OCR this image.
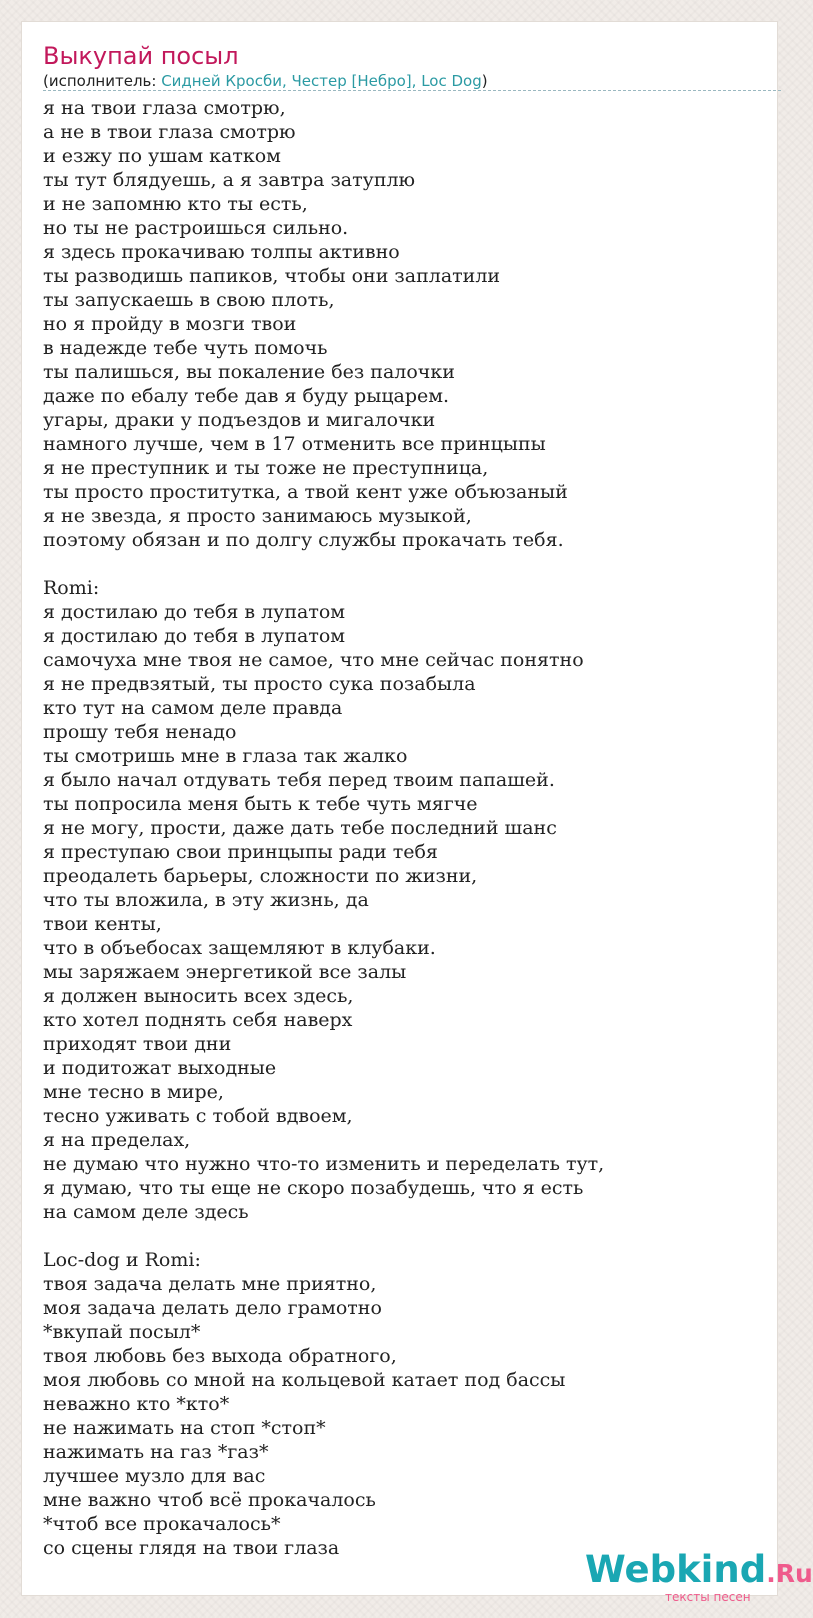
Выкупай посыл
(исполнитель: Сидней Кросби, Честер [Небро], Loc Dog)
я на твои глаза смотрю,
а не в твои глаза смотрю
и езжу по ушам катком
ты тут блядуешь, а я завтра затуплю
и не запомню кто ты есть,
но ты не растроишься сильно.
я здесь прокачиваю толпы активно
ты разводишь папиков, чтобы они заплатили
ты запускаешь в свою плоть,
но я пройду в мозги твои
в надежде тебе чуть помочь
ты палишься, вы покаление без палочки
даже по ебалу тебе дав я буду рыцарем.
угары, драки у подъездов и мигалочки
намного лучше, чем в 17 отменить все принцыпы
я не преступник и ты тоже не преступница,
ты просто проститутка, а твой кент уже объюзаный
я не звезда, я просто занимаюсь музыкой,
поэтому обязан и по долгу службы прокачать тебя.
Romi:
я достилаю до тебя в лупатом
я достилаю до тебя в лупатом
самочуха мне твоя не самое, что мне сейчас понятно
я не предвзятый, ты просто сука позабыла
кто тут на самом деле правда
прошу тебя ненадо
ты смотришь мне в глаза так жалко
я было начал отдувать тебя перед твоим папашей.
ты попросила меня быть к тебе чуть мягче
я не могу, прости, даже дать тебе последний шанс
я преступаю свои принцыпы ради тебя
преодалеть барьеры, сложности по жизни,
что ты вложила, в эту жизнь, да
твои кенты,
что в объебосах защемляют в клубаки.
мы заряжаем энергетикой все залы
я должен выносить всех здесь,
кто хотел поднять себя наверх
приходят твои дни
и подитожат выходные
мне тесно в мире,
тесно уживать с тобой вдвоем,
я на пределах,
не думаю что нужно что-то изменить и переделать тут,
я думаю, что ты еще не скоро позабудешь, что я есть
на самом деле здесь
Loc-dog и Romi:
твоя задача делать мне приятно,
моя задача делать дело грамотно
*вкупай посыл*
твоя любовь без выхода обратного,
моя любовь со мной на кольцевой катает под бассы
неважно кто *кто*
не нажимать на стоп *стоп*
нажимать на газ *газ*
лучшее музло для вас
мне важно чтоб всё прокачалось
*чтоб все прокачалось*
со сцены глядя на твои глаза	Webkind.Ru
тексты песен
